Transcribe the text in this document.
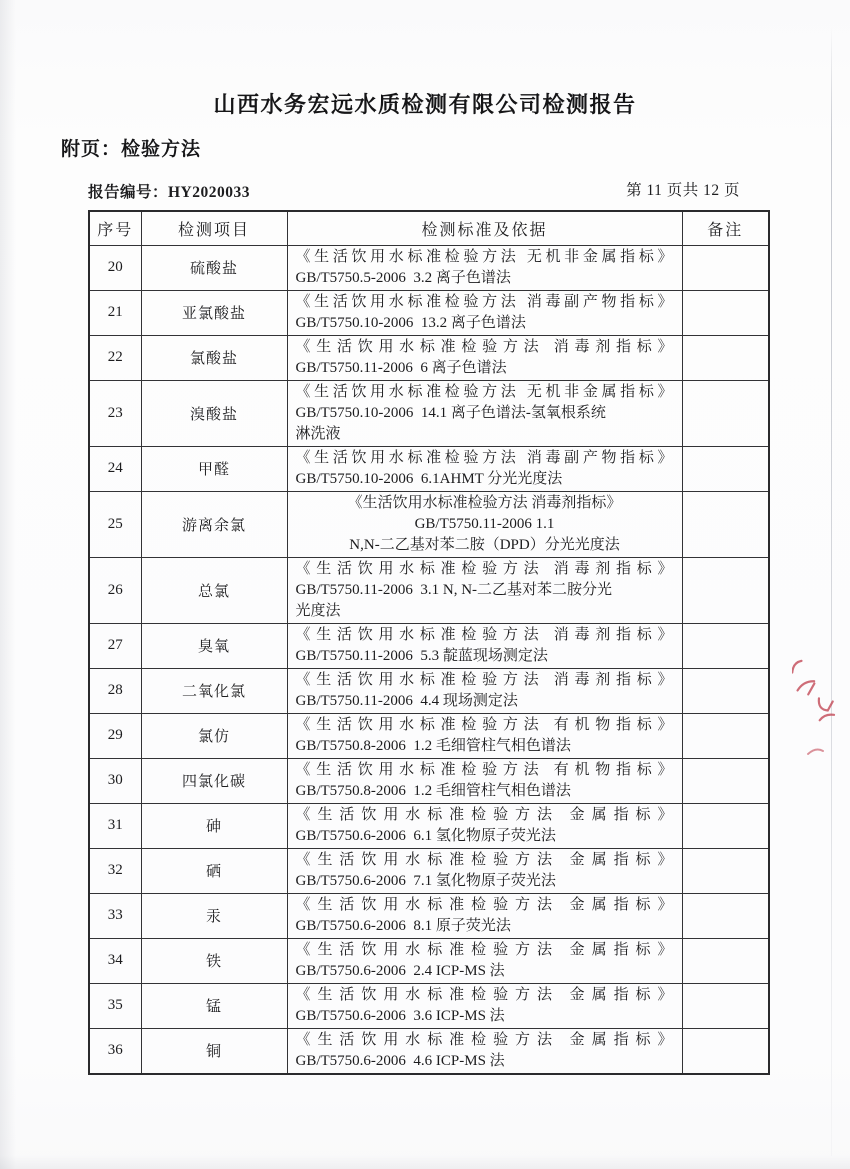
山西水务宏远水质检测有限公司检测报告
附页：检验方法
报告编号：HY2020033	第 11 页共 12 页
序号	检测项目	检测标准及依据	备注
20	硫酸盐	《生活饮用水标准检验方法 无机非金属指标》
GB/T5750.5-2006  3.2 离子色谱法	

21	亚氯酸盐	《生活饮用水标准检验方法 消毒副产物指标》
GB/T5750.10-2006  13.2 离子色谱法	

22	氯酸盐	《生活饮用水标准检验方法 消毒剂指标》
GB/T5750.11-2006  6 离子色谱法	

23	溴酸盐	《生活饮用水标准检验方法 无机非金属指标》
GB/T5750.10-2006  14.1 离子色谱法-氢氧根系统
淋洗液	

24	甲醛	《生活饮用水标准检验方法 消毒副产物指标》
GB/T5750.10-2006  6.1AHMT 分光光度法	

25	游离余氯	《生活饮用水标准检验方法 消毒剂指标》
GB/T5750.11-2006 1.1
N,N-二乙基对苯二胺（DPD）分光光度法	

26	总氯	《生活饮用水标准检验方法 消毒剂指标》
GB/T5750.11-2006  3.1 N, N-二乙基对苯二胺分光
光度法	

27	臭氧	《生活饮用水标准检验方法 消毒剂指标》
GB/T5750.11-2006  5.3 靛蓝现场测定法	

28	二氧化氯	《生活饮用水标准检验方法 消毒剂指标》
GB/T5750.11-2006  4.4 现场测定法	

29	氯仿	《生活饮用水标准检验方法 有机物指标》
GB/T5750.8-2006  1.2 毛细管柱气相色谱法	

30	四氯化碳	《生活饮用水标准检验方法 有机物指标》
GB/T5750.8-2006  1.2 毛细管柱气相色谱法	

31	砷	《生活饮用水标准检验方法 金属指标》
GB/T5750.6-2006  6.1 氢化物原子荧光法	

32	硒	《生活饮用水标准检验方法 金属指标》
GB/T5750.6-2006  7.1 氢化物原子荧光法	

33	汞	《生活饮用水标准检验方法 金属指标》
GB/T5750.6-2006  8.1 原子荧光法	

34	铁	《生活饮用水标准检验方法 金属指标》
GB/T5750.6-2006  2.4 ICP-MS 法	

35	锰	《生活饮用水标准检验方法 金属指标》
GB/T5750.6-2006  3.6 ICP-MS 法	

36	铜	《生活饮用水标准检验方法 金属指标》
GB/T5750.6-2006  4.6 ICP-MS 法	
